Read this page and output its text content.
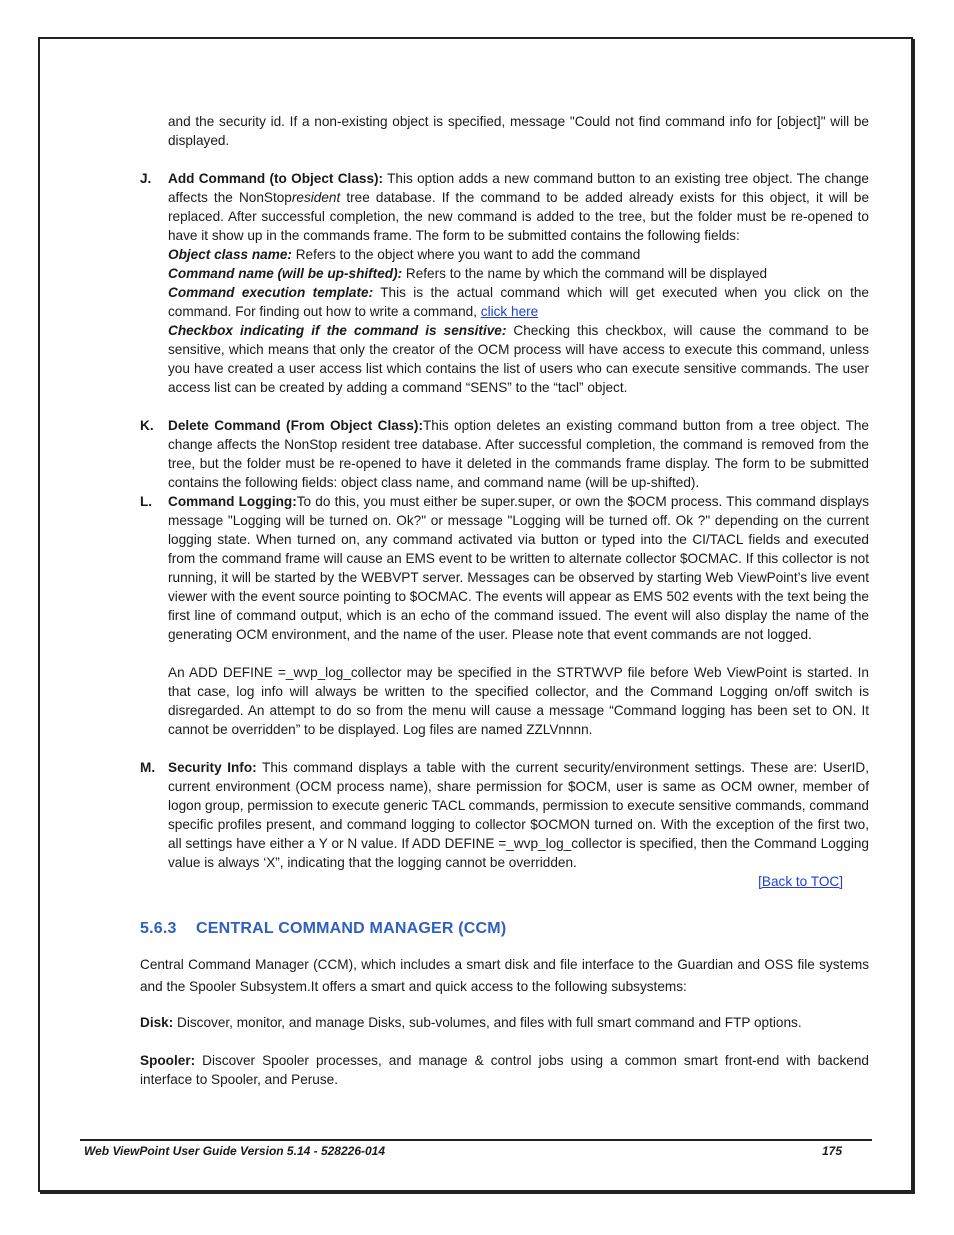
and the security id. If a non-existing object is specified, message "Could not find command info for [object]" will be displayed.

J. Add Command (to Object Class): This option adds a new command button to an existing tree object. The change affects the NonStopresident tree database. If the command to be added already exists for this object, it will be replaced. After successful completion, the new command is added to the tree, but the folder must be re-opened to have it show up in the commands frame. The form to be submitted contains the following fields:

Object class name: Refers to the object where you want to add the command

Command name (will be up-shifted): Refers to the name by which the command will be displayed

Command execution template: This is the actual command which will get executed when you click on the command. For finding out how to write a command, click here

Checkbox indicating if the command is sensitive: Checking this checkbox, will cause the command to be sensitive, which means that only the creator of the OCM process will have access to execute this command, unless you have created a user access list which contains the list of users who can execute sensitive commands. The user access list can be created by adding a command “SENS” to the “tacl” object.

K. Delete Command (From Object Class):This option deletes an existing command button from a tree object. The change affects the NonStop resident tree database. After successful completion, the command is removed from the tree, but the folder must be re-opened to have it deleted in the commands frame display. The form to be submitted contains the following fields: object class name, and command name (will be up-shifted).

L. Command Logging:To do this, you must either be super.super, or own the $OCM process. This command displays message "Logging will be turned on. Ok?" or message "Logging will be turned off. Ok ?" depending on the current logging state. When turned on, any command activated via button or typed into the CI/TACL fields and executed from the command frame will cause an EMS event to be written to alternate collector $OCMAC. If this collector is not running, it will be started by the WEBVPT server. Messages can be observed by starting Web ViewPoint’s live event viewer with the event source pointing to $OCMAC. The events will appear as EMS 502 events with the text being the first line of command output, which is an echo of the command issued. The event will also display the name of the generating OCM environment, and the name of the user. Please note that event commands are not logged.

An ADD DEFINE =_wvp_log_collector may be specified in the STRTWVP file before Web ViewPoint is started. In that case, log info will always be written to the specified collector, and the Command Logging on/off switch is disregarded. An attempt to do so from the menu will cause a message “Command logging has been set to ON. It cannot be overridden” to be displayed. Log files are named ZZLVnnnn.

M. Security Info: This command displays a table with the current security/environment settings. These are: UserID, current environment (OCM process name), share permission for $OCM, user is same as OCM owner, member of logon group, permission to execute generic TACL commands, permission to execute sensitive commands, command specific profiles present, and command logging to collector $OCMON turned on. With the exception of the first two, all settings have either a Y or N value. If ADD DEFINE =_wvp_log_collector is specified, then the Command Logging value is always ‘X”, indicating that the logging cannot be overridden.

[Back to TOC]

5.6.3 CENTRAL COMMAND MANAGER (CCM)

Central Command Manager (CCM), which includes a smart disk and file interface to the Guardian and OSS file systems and the Spooler Subsystem.It offers a smart and quick access to the following subsystems:

Disk: Discover, monitor, and manage Disks, sub-volumes, and files with full smart command and FTP options.

Spooler: Discover Spooler processes, and manage & control jobs using a common smart front-end with backend interface to Spooler, and Peruse.

Web ViewPoint User Guide Version 5.14 - 528226-014	175
